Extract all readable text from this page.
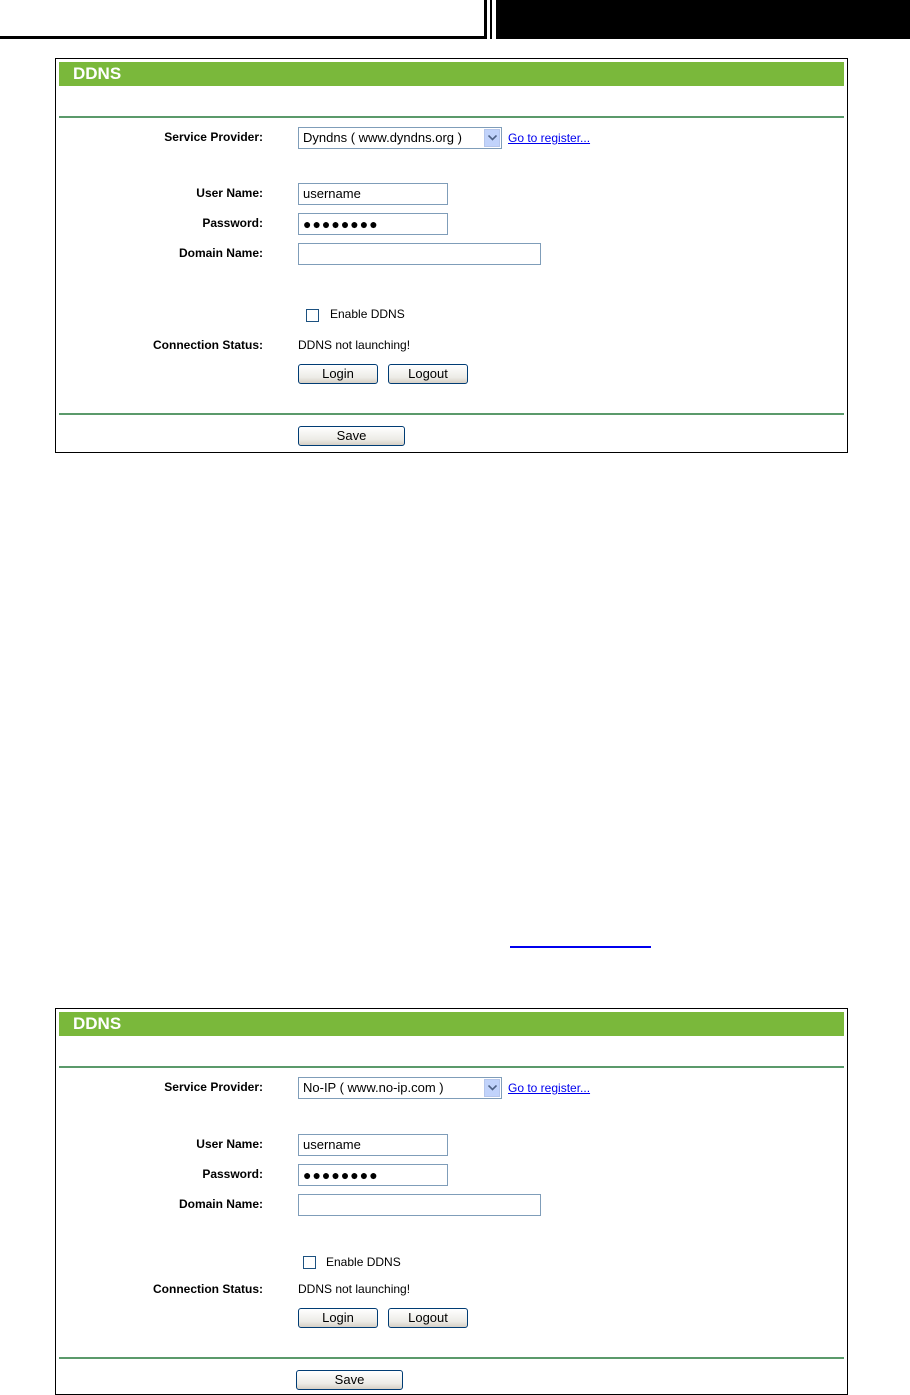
DDNS
Service Provider:	Dyndns ( www.dyndns.org )	Go to register...
User Name:	username
Password:	●●●●●●●●
Domain Name:
Enable DDNS
Connection Status:	DDNS not launching!
Login	Logout
Save
DDNS
Service Provider:	No-IP ( www.no-ip.com )	Go to register...
User Name:	username
Password:	●●●●●●●●
Domain Name:
Enable DDNS
Connection Status:	DDNS not launching!
Login	Logout
Save
